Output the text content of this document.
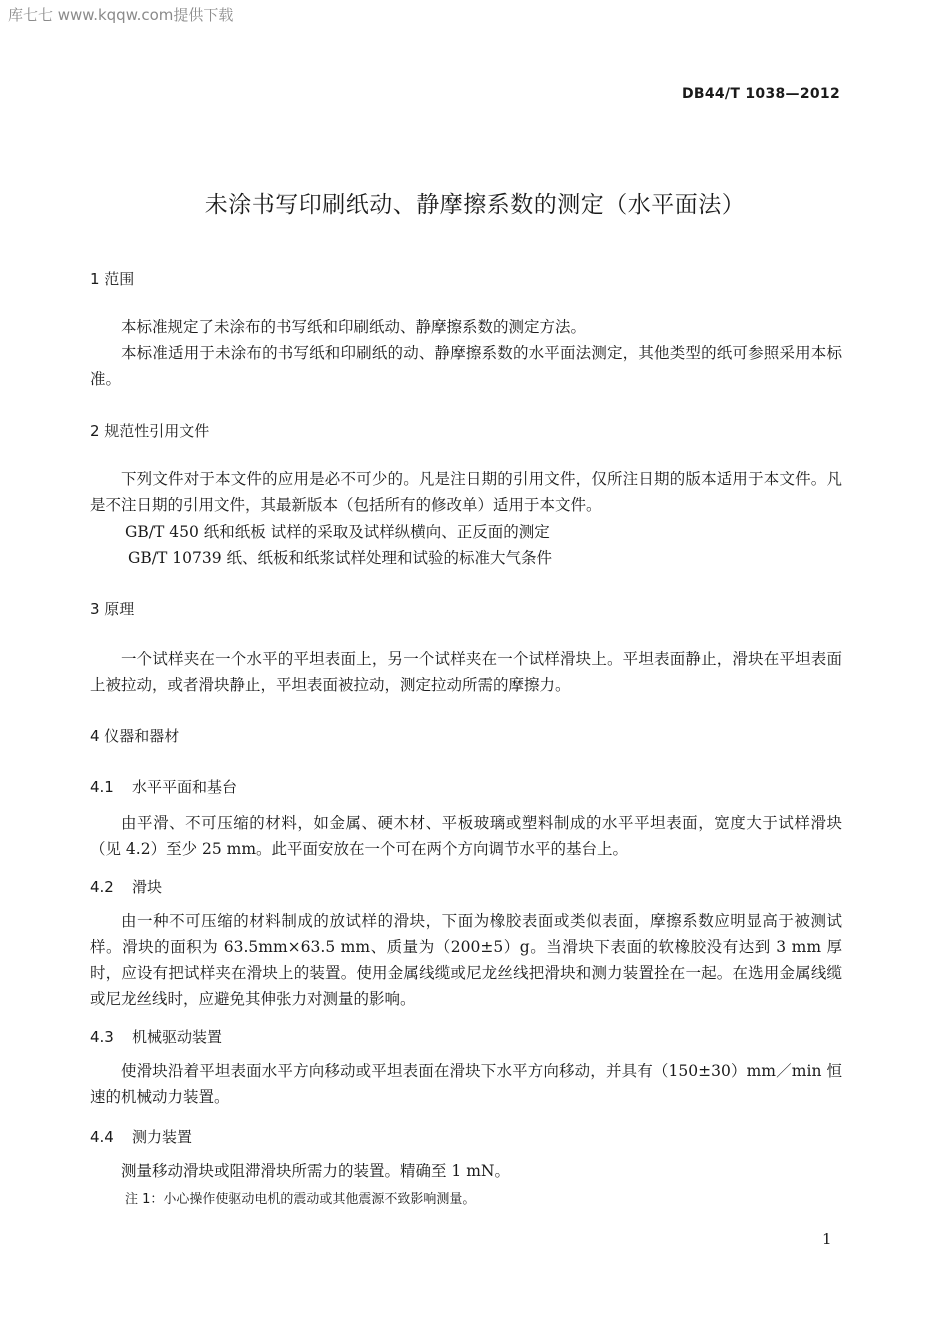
库七七 www.kqqw.com提供下载
DB44/T 1038—2012
未涂书写印刷纸动、静摩擦系数的测定（水平面法）
1 范围
本标准规定了未涂布的书写纸和印刷纸动、静摩擦系数的测定方法。
本标准适用于未涂布的书写纸和印刷纸的动、静摩擦系数的水平面法测定，其他类型的纸可参照采用本标准。
2 规范性引用文件
下列文件对于本文件的应用是必不可少的。凡是注日期的引用文件，仅所注日期的版本适用于本文件。凡是不注日期的引用文件，其最新版本（包括所有的修改单）适用于本文件。
GB/T 450 纸和纸板 试样的采取及试样纵横向、正反面的测定
GB/T 10739 纸、纸板和纸浆试样处理和试验的标准大气条件
3 原理
一个试样夹在一个水平的平坦表面上，另一个试样夹在一个试样滑块上。平坦表面静止，滑块在平坦表面上被拉动，或者滑块静止，平坦表面被拉动，测定拉动所需的摩擦力。
4 仪器和器材
4.1 水平平面和基台
由平滑、不可压缩的材料，如金属、硬木材、平板玻璃或塑料制成的水平平坦表面，宽度大于试样滑块（见 4.2）至少 25 mm。此平面安放在一个可在两个方向调节水平的基台上。
4.2 滑块
由一种不可压缩的材料制成的放试样的滑块，下面为橡胶表面或类似表面，摩擦系数应明显高于被测试样。滑块的面积为 63.5mm×63.5 mm、质量为（200±5）g。当滑块下表面的软橡胶没有达到 3 mm 厚时，应设有把试样夹在滑块上的装置。使用金属线缆或尼龙丝线把滑块和测力装置拴在一起。在选用金属线缆或尼龙丝线时，应避免其伸张力对测量的影响。
4.3 机械驱动装置
使滑块沿着平坦表面水平方向移动或平坦表面在滑块下水平方向移动，并具有（150±30）mm／min 恒速的机械动力装置。
4.4 测力装置
测量移动滑块或阻滞滑块所需力的装置。精确至 1 mN。
注 1：小心操作使驱动电机的震动或其他震源不致影响测量。
1
